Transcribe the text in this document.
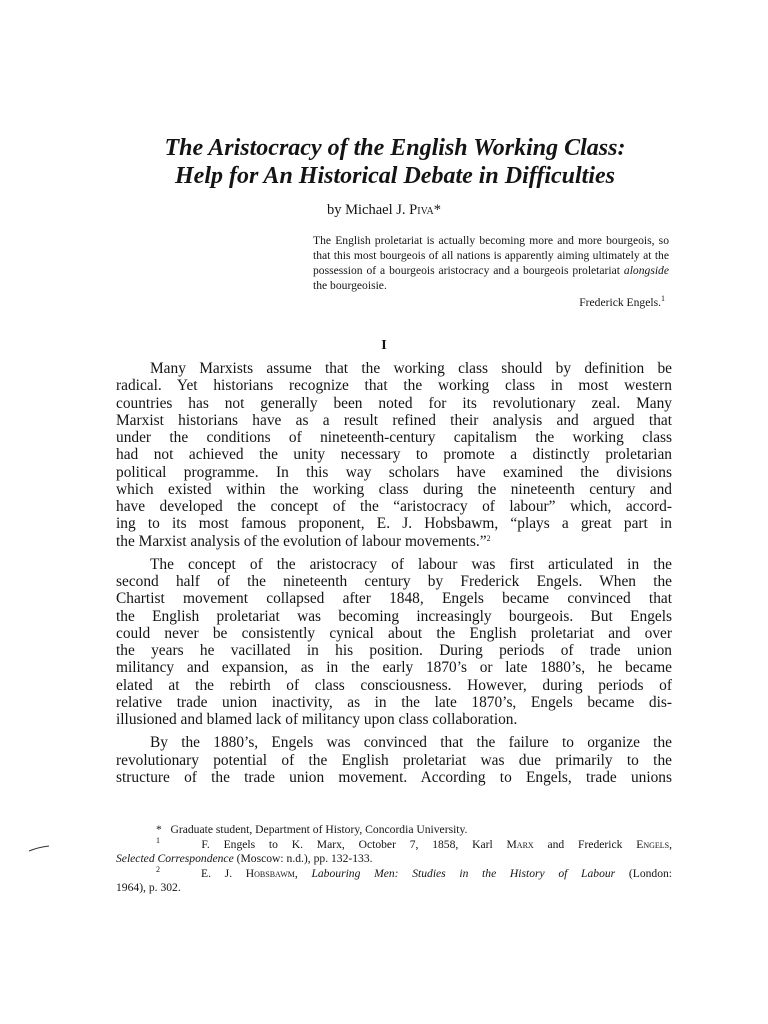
The Aristocracy of the English Working Class:
Help for An Historical Debate in Difficulties

by Michael J. Piva*

The English proletariat is actually becoming more and more bourgeois, so that this most bourgeois of all nations is apparently aiming ultimately at the possession of a bourgeois aristocracy and a bourgeois proletariat alongside the bourgeoisie.
Frederick Engels.$^1$
I
Many Marxists assume that the working class should by definition be
radical. Yet historians recognize that the working class in most western
countries has not generally been noted for its revolutionary zeal. Many
Marxist historians have as a result refined their analysis and argued that
under the conditions of nineteenth-century capitalism the working class
had not achieved the unity necessary to promote a distinctly proletarian
political programme. In this way scholars have examined the divisions
which existed within the working class during the nineteenth century and
have developed the concept of the “aristocracy of labour” which, accord-
ing to its most famous proponent, E. J. Hobsbawm, “plays a great part in
the Marxist analysis of the evolution of labour movements.”$^2$
The concept of the aristocracy of labour was first articulated in the
second half of the nineteenth century by Frederick Engels. When the
Chartist movement collapsed after 1848, Engels became convinced that
the English proletariat was becoming increasingly bourgeois. But Engels
could never be consistently cynical about the English proletariat and over
the years he vacillated in his position. During periods of trade union
militancy and expansion, as in the early 1870’s or late 1880’s, he became
elated at the rebirth of class consciousness. However, during periods of
relative trade union inactivity, as in the late 1870’s, Engels became dis-
illusioned and blamed lack of militancy upon class collaboration.
By the 1880’s, Engels was convinced that the failure to organize the
revolutionary potential of the English proletariat was due primarily to the
structure of the trade union movement. According to Engels, trade unions
* Graduate student, Department of History, Concordia University.
$^1$	F. Engels to K. Marx, October 7, 1858, Karl Marx and Frederick Engels,
Selected Correspondence (Moscow: n.d.), pp. 132-133.
$^2$	E. J. Hobsbawm, Labouring Men: Studies in the History of Labour (London:
1964), p. 302.
